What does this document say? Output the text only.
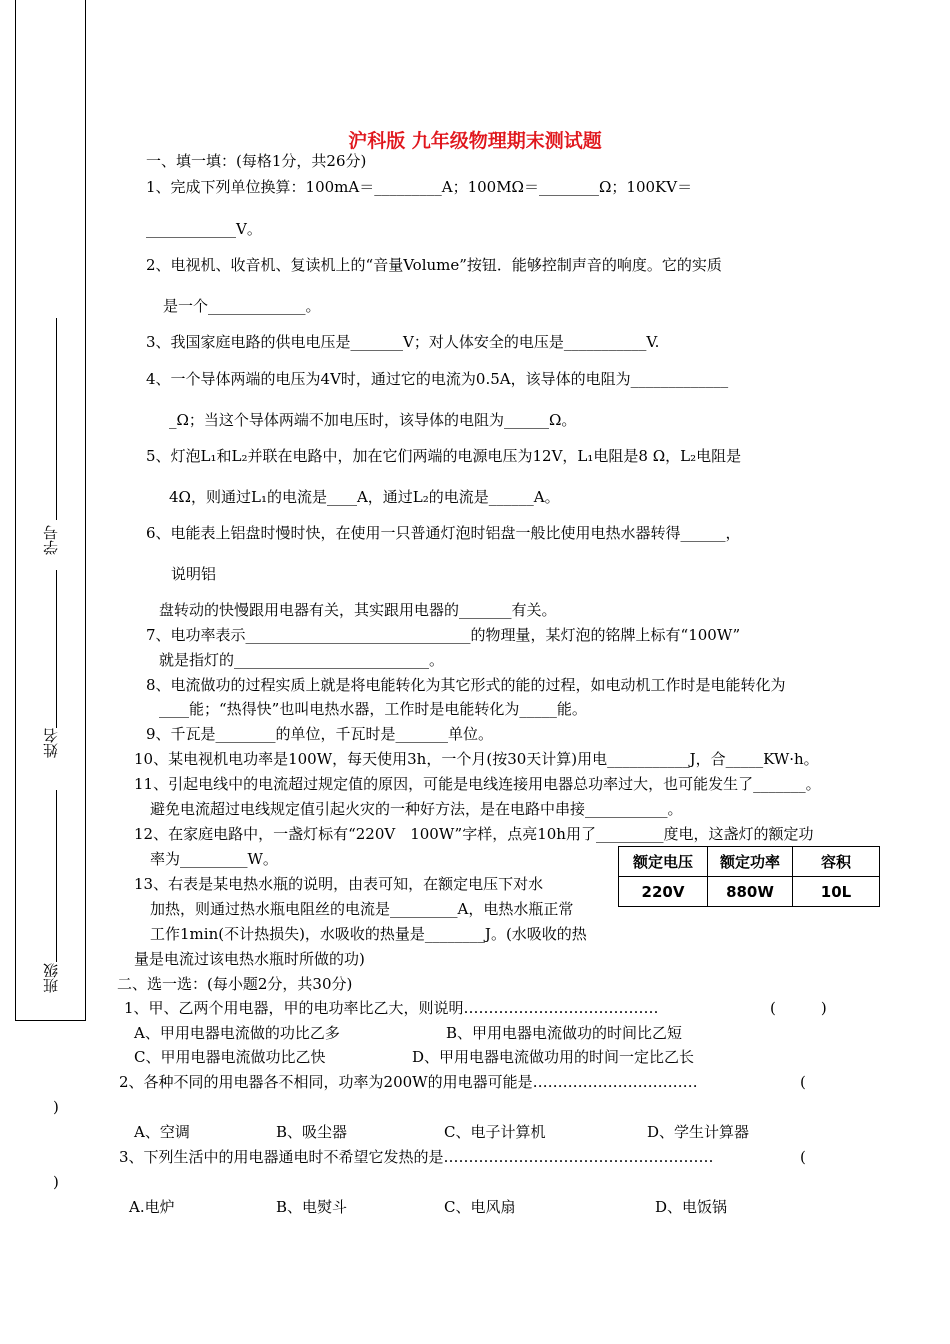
学号
姓名
班级
沪科版 九年级物理期末测试题
一、填一填：(每格1分，共26分)
1、完成下列单位换算：100mA＝_________A；100MΩ＝________Ω；100KV＝
____________V。
2、电视机、收音机、复读机上的“音量Volume”按钮．能够控制声音的响度。它的实质
是一个_____________。
3、我国家庭电路的供电电压是_______V；对人体安全的电压是___________V.
4、一个导体两端的电压为4V时，通过它的电流为0.5A，该导体的电阻为_____________
_Ω；当这个导体两端不加电压时，该导体的电阻为______Ω。
5、灯泡L₁和L₂并联在电路中，加在它们两端的电源电压为12V，L₁电阻是8 Ω，L₂电阻是
4Ω，则通过L₁的电流是____A，通过L₂的电流是______A。
6、电能表上铝盘时慢时快，在使用一只普通灯泡时铝盘一般比使用电热水器转得______，
说明铝
盘转动的快慢跟用电器有关，其实跟用电器的_______有关。
7、电功率表示______________________________的物理量，某灯泡的铭牌上标有“100W”
就是指灯的__________________________。
8、电流做功的过程实质上就是将电能转化为其它形式的能的过程，如电动机工作时是电能转化为
____能；“热得快”也叫电热水器，工作时是电能转化为_____能。
9、千瓦是________的单位，千瓦时是_______单位。
10、某电视机电功率是100W，每天使用3h，一个月(按30天计算)用电___________J，合_____KW·h。
11、引起电线中的电流超过规定值的原因，可能是电线连接用电器总功率过大，也可能发生了_______。
避免电流超过电线规定值引起火灾的一种好方法，是在电路中串接___________。
12、在家庭电路中，一盏灯标有“220V　100W”字样，点亮10h用了_________度电，这盏灯的额定功
率为_________W。
13、右表是某电热水瓶的说明，由表可知，在额定电压下对水
加热，则通过热水瓶电阻丝的电流是_________A，电热水瓶正常
工作1min(不计热损失)，水吸收的热量是________J。(水吸收的热
量是电流过该电热水瓶时所做的功)
额定电压	额定功率	容积
220V	880W	10L
二、选一选：(每小题2分，共30分)
1、甲、乙两个用电器，甲的电功率比乙大，则说明…………………………………	(　　　)
A、甲用电器电流做的功比乙多	B、甲用电器电流做功的时间比乙短
C、甲用电器电流做功比乙快	D、甲用电器电流做功用的时间一定比乙长
2、各种不同的用电器各不相同，功率为200W的用电器可能是……………………………	(
)
A、空调	B、吸尘器	C、电子计算机	D、学生计算器
3、下列生活中的用电器通电时不希望它发热的是………………………………………………	(
)
A.电炉	B、电熨斗	C、电风扇	D、电饭锅
